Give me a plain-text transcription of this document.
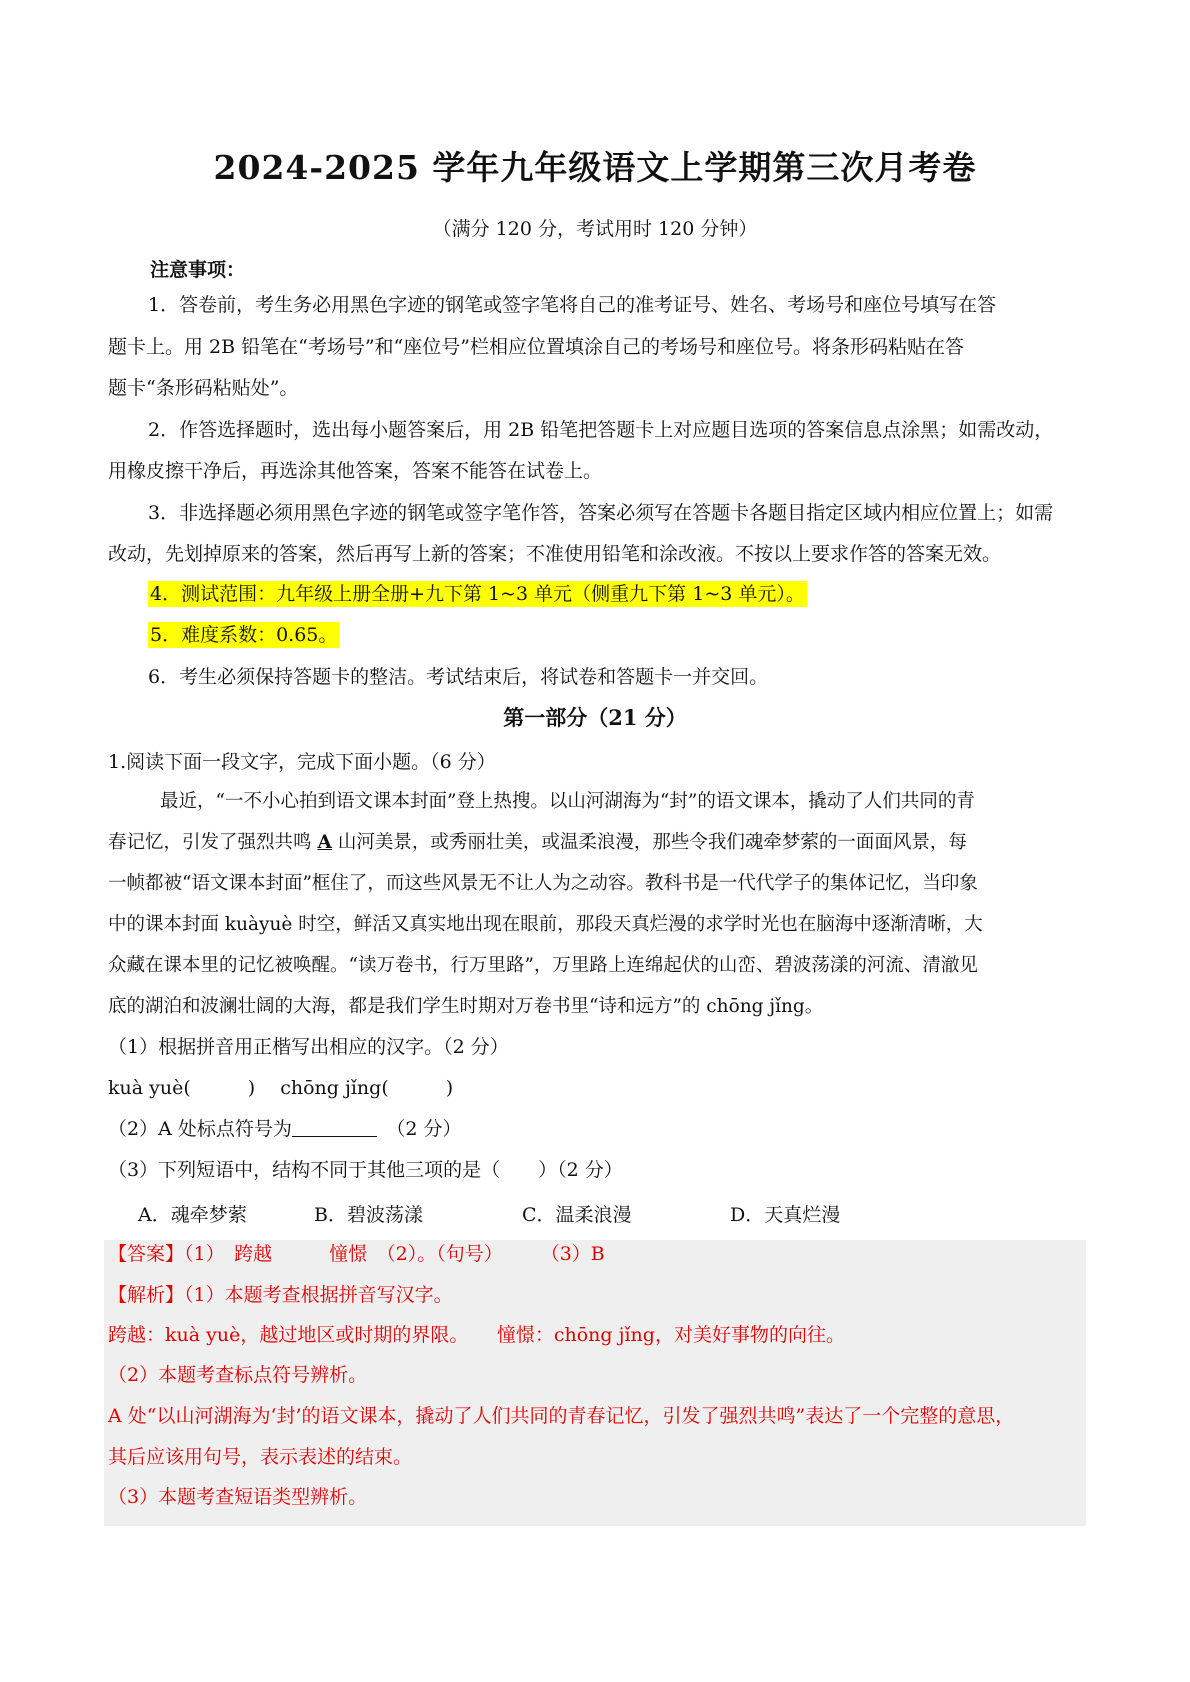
2024-2025 学年九年级语文上学期第三次月考卷
（满分 120 分，考试用时 120 分钟）
注意事项：
1．答卷前，考生务必用黑色字迹的钢笔或签字笔将自己的准考证号、姓名、考场号和座位号填写在答
题卡上。用 2B 铅笔在“考场号”和“座位号”栏相应位置填涂自己的考场号和座位号。将条形码粘贴在答
题卡“条形码粘贴处”。
2．作答选择题时，选出每小题答案后，用 2B 铅笔把答题卡上对应题目选项的答案信息点涂黑；如需改动，
用橡皮擦干净后，再选涂其他答案，答案不能答在试卷上。
3．非选择题必须用黑色字迹的钢笔或签字笔作答，答案必须写在答题卡各题目指定区域内相应位置上；如需
改动，先划掉原来的答案，然后再写上新的答案；不准使用铅笔和涂改液。不按以上要求作答的答案无效。
4．测试范围：九年级上册全册+九下第 1~3 单元（侧重九下第 1~3 单元）。
5．难度系数：0.65。
6．考生必须保持答题卡的整洁。考试结束后，将试卷和答题卡一并交回。
第一部分（21 分）
1.阅读下面一段文字，完成下面小题。（6 分）
最近，“一不小心拍到语文课本封面”登上热搜。以山河湖海为“封”的语文课本，撬动了人们共同的青
春记忆，引发了强烈共鸣 A 山河美景，或秀丽壮美，或温柔浪漫，那些令我们魂牵梦萦的一面面风景，每
一帧都被“语文课本封面”框住了，而这些风景无不让人为之动容。教科书是一代代学子的集体记忆，当印象
中的课本封面 kuàyuè 时空，鲜活又真实地出现在眼前，那段天真烂漫的求学时光也在脑海中逐渐清晰，大
众藏在课本里的记忆被唤醒。“读万卷书，行万里路”，万里路上连绵起伏的山峦、碧波荡漾的河流、清澈见
底的湖泊和波澜壮阔的大海，都是我们学生时期对万卷书里“诗和远方”的 chōng jǐng。
（1）根据拼音用正楷写出相应的汉字。（2 分）
kuà yuè(　　　)　 chōng jǐng(　　　)
（2）A 处标点符号为　	（2 分）
（3）下列短语中，结构不同于其他三项的是（　　）（2 分）
A．魂牵梦萦	B．碧波荡漾	C．温柔浪漫	D．天真烂漫
【答案】（1）　跨越　　　憧憬　（2）。（句号）　　　（3）B
【解析】（1）本题考查根据拼音写汉字。
跨越：kuà yuè，越过地区或时期的界限。　　憧憬：chōng jǐng，对美好事物的向往。
（2）本题考查标点符号辨析。
A 处“以山河湖海为‘封’的语文课本，撬动了人们共同的青春记忆，引发了强烈共鸣”表达了一个完整的意思，
其后应该用句号，表示表述的结束。
（3）本题考查短语类型辨析。
